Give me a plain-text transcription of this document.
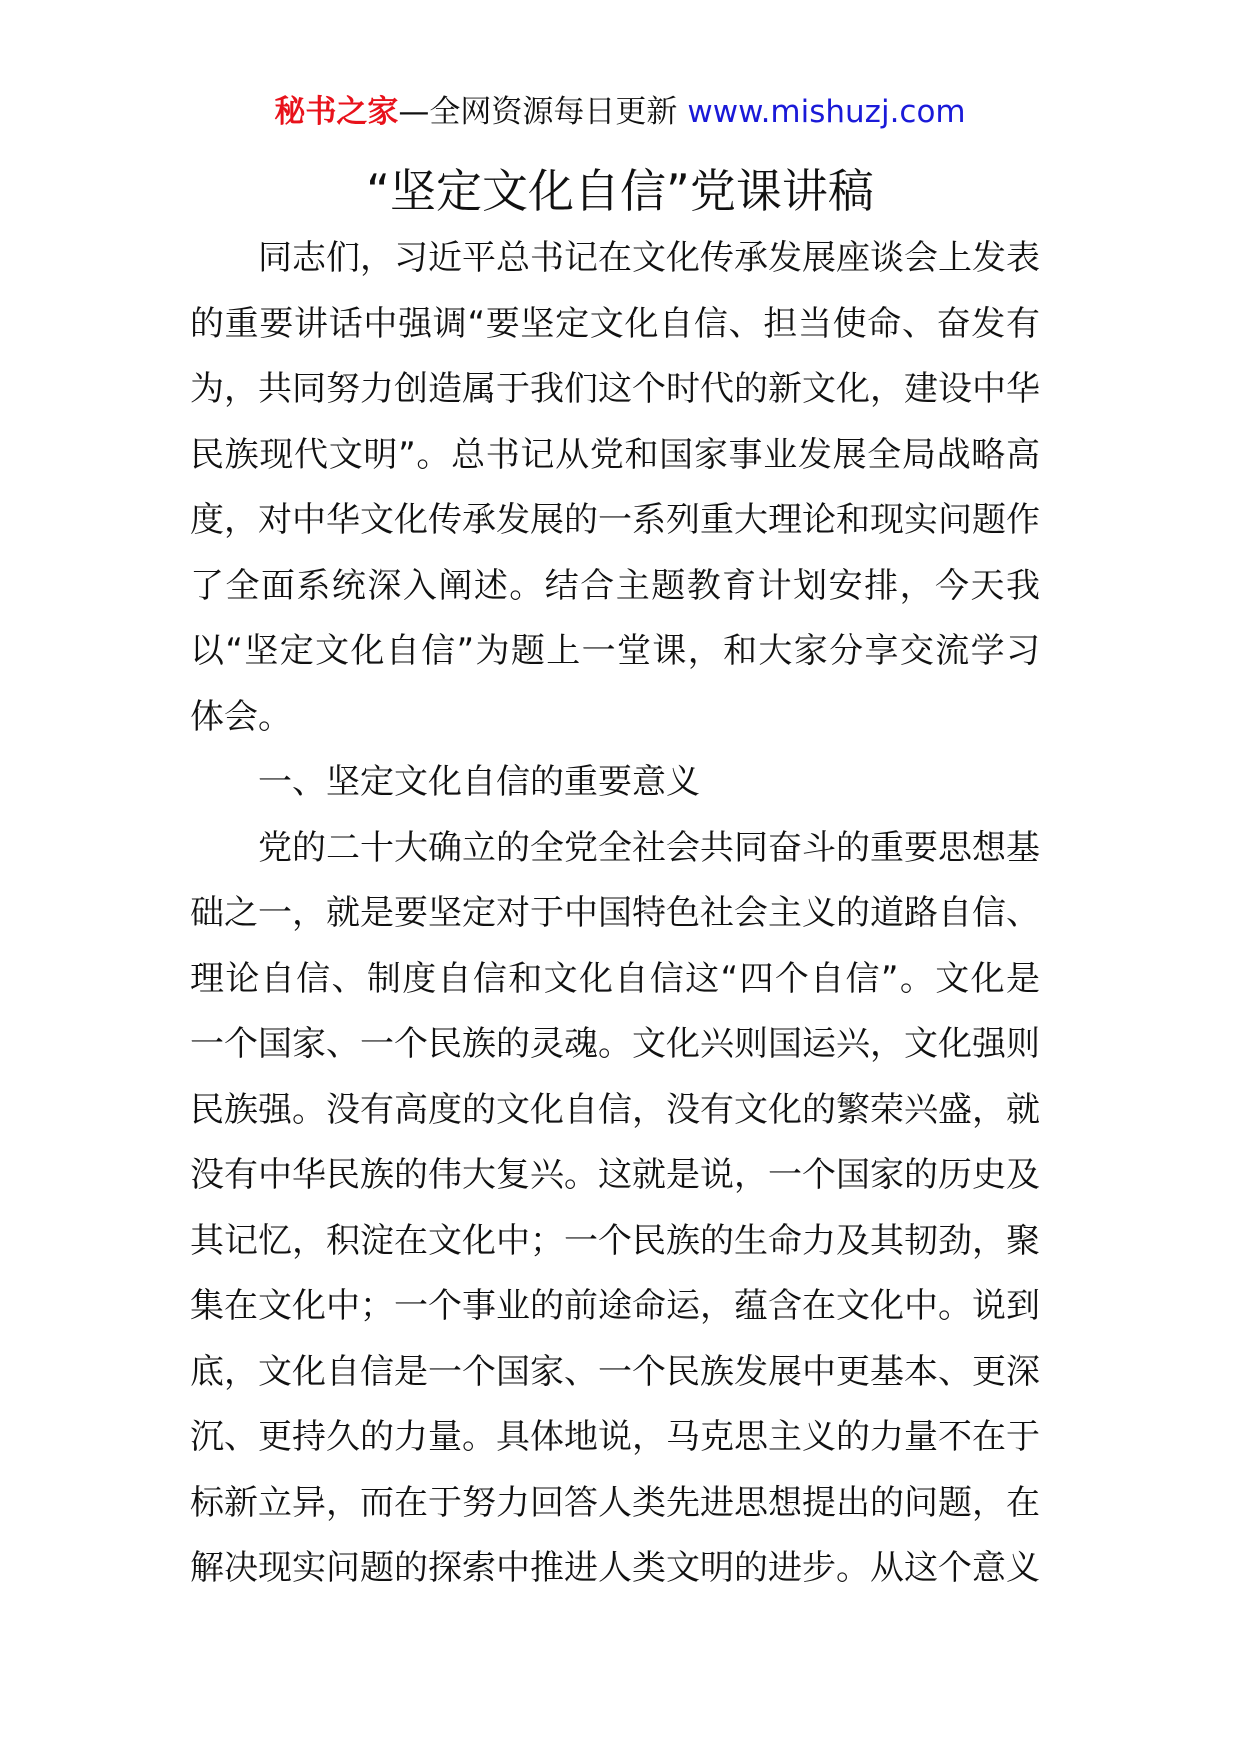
秘书之家—全网资源每日更新 www.mishuzj.com
“坚定文化自信”党课讲稿

同志们，习近平总书记在文化传承发展座谈会上发表的重要讲话中强调“要坚定文化自信、担当使命、奋发有为，共同努力创造属于我们这个时代的新文化，建设中华民族现代文明”。总书记从党和国家事业发展全局战略高度，对中华文化传承发展的一系列重大理论和现实问题作了全面系统深入阐述。结合主题教育计划安排，今天我以“坚定文化自信”为题上一堂课，和大家分享交流学习体会。

一、坚定文化自信的重要意义

党的二十大确立的全党全社会共同奋斗的重要思想基础之一，就是要坚定对于中国特色社会主义的道路自信、理论自信、制度自信和文化自信这“四个自信”。文化是一个国家、一个民族的灵魂。文化兴则国运兴，文化强则民族强。没有高度的文化自信，没有文化的繁荣兴盛，就没有中华民族的伟大复兴。这就是说，一个国家的历史及其记忆，积淀在文化中；一个民族的生命力及其韧劲，聚集在文化中；一个事业的前途命运，蕴含在文化中。说到底，文化自信是一个国家、一个民族发展中更基本、更深沉、更持久的力量。具体地说，马克思主义的力量不在于标新立异，而在于努力回答人类先进思想提出的问题，在解决现实问题的探索中推进人类文明的进步。从这个意义
